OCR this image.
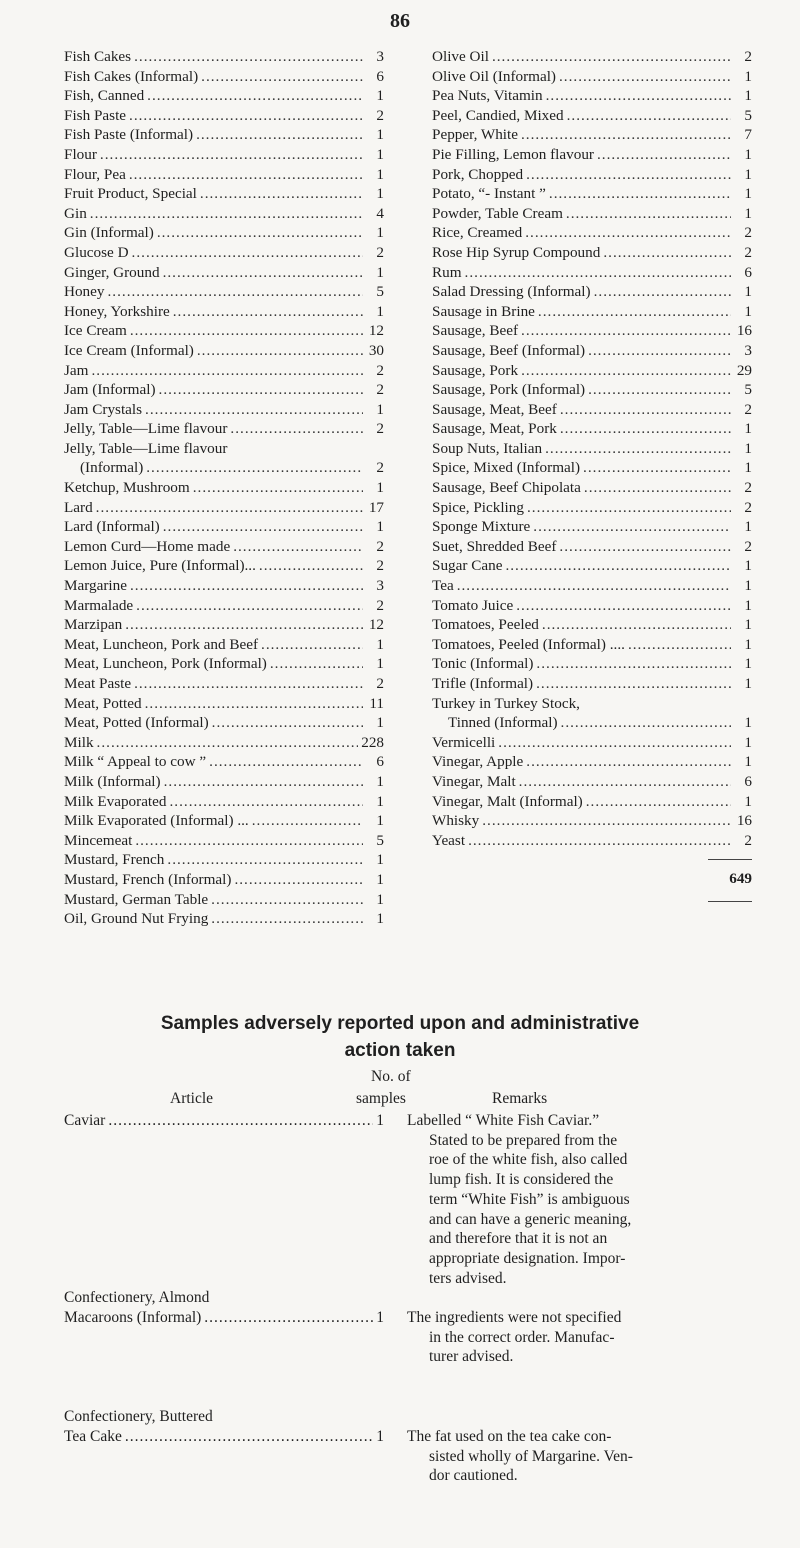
86
Fish Cakes .....	3
Fish Cakes (Informal) .....	6
Fish, Canned .....	1
Fish Paste .....	2
Fish Paste (Informal) .....	1
Flour .....	1
Flour, Pea .....	1
Fruit Product, Special .....	1
Gin .....	4
Gin (Informal) .....	1
Glucose D .....	2
Ginger, Ground .....	1
Honey .....	5
Honey, Yorkshire .....	1
Ice Cream .....	12
Ice Cream (Informal) .....	30
Jam .....	2
Jam (Informal) .....	2
Jam Crystals .....	1
Jelly, Table—Lime flavour .....	2
Jelly, Table—Lime flavour
(Informal) .....	2
Ketchup, Mushroom .....	1
Lard .....	17
Lard (Informal) .....	1
Lemon Curd—Home made .....	2
Lemon Juice, Pure (Informal)... .....	2
Margarine .....	3
Marmalade .....	2
Marzipan .....	12
Meat, Luncheon, Pork and Beef .....	1
Meat, Luncheon, Pork (Informal) .....	1
Meat Paste .....	2
Meat, Potted .....	11
Meat, Potted (Informal) .....	1
Milk .....	228
Milk “ Appeal to cow ” .....	6
Milk (Informal) .....	1
Milk Evaporated .....	1
Milk Evaporated (Informal) ... .....	1
Mincemeat .....	5
Mustard, French .....	1
Mustard, French (Informal) .....	1
Mustard, German Table .....	1
Oil, Ground Nut Frying .....	1
Olive Oil .....	2
Olive Oil (Informal) .....	1
Pea Nuts, Vitamin .....	1
Peel, Candied, Mixed .....	5
Pepper, White .....	7
Pie Filling, Lemon flavour .....	1
Pork, Chopped .....	1
Potato, “- Instant ” .....	1
Powder, Table Cream .....	1
Rice, Creamed .....	2
Rose Hip Syrup Compound .....	2
Rum .....	6
Salad Dressing (Informal) .....	1
Sausage in Brine .....	1
Sausage, Beef .....	16
Sausage, Beef (Informal) .....	3
Sausage, Pork .....	29
Sausage, Pork (Informal) .....	5
Sausage, Meat, Beef .....	2
Sausage, Meat, Pork .....	1
Soup Nuts, Italian .....	1
Spice, Mixed (Informal) .....	1
Sausage, Beef Chipolata .....	2
Spice, Pickling .....	2
Sponge Mixture .....	1
Suet, Shredded Beef .....	2
Sugar Cane .....	1
Tea .....	1
Tomato Juice .....	1
Tomatoes, Peeled .....	1
Tomatoes, Peeled (Informal) .... .....	1
Tonic (Informal) .....	1
Trifle (Informal) .....	1
Turkey in Turkey Stock,
Tinned (Informal) .....	1
Vermicelli .....	1
Vinegar, Apple .....	1
Vinegar, Malt .....	6
Vinegar, Malt (Informal) .....	1
Whisky .....	16
Yeast .....	2
649
Samples adversely reported upon and administrative
action taken
No. of
Article	samples	Remarks
Caviar .....	1 Labelled “ White Fish Caviar.”
Stated to be prepared from the
roe of the white fish, also called
lump fish. It is considered the
term “White Fish” is ambiguous
and can have a generic meaning,
and therefore that it is not an
appropriate designation. Impor-
ters advised.
Confectionery, Almond
Macaroons (Informal) .....	1 The ingredients were not specified
in the correct order. Manufac-
turer advised.
Confectionery, Buttered
Tea Cake .....	1 The fat used on the tea cake con-
sisted wholly of Margarine. Ven-
dor cautioned.
